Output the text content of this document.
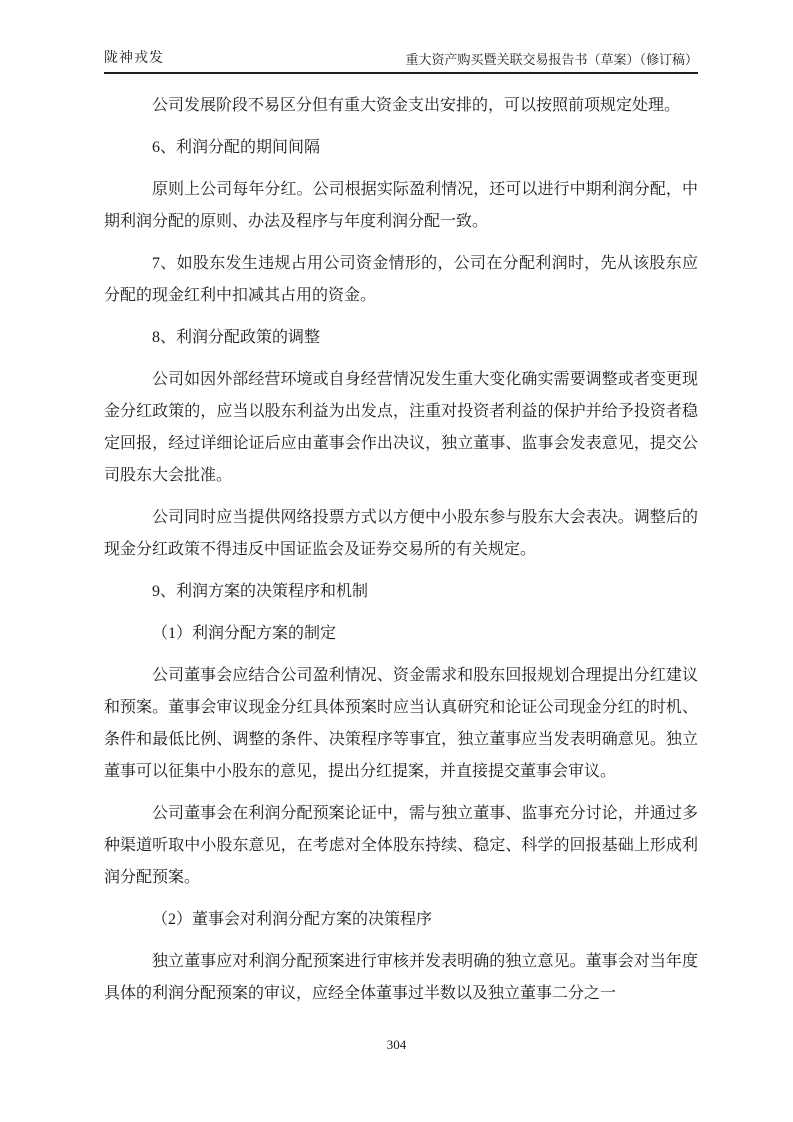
陇神戎发	重大资产购买暨关联交易报告书（草案）（修订稿）

公司发展阶段不易区分但有重大资金支出安排的，可以按照前项规定处理。

6、利润分配的期间间隔

原则上公司每年分红。公司根据实际盈利情况，还可以进行中期利润分配，中期利润分配的原则、办法及程序与年度利润分配一致。

7、如股东发生违规占用公司资金情形的，公司在分配利润时，先从该股东应分配的现金红利中扣减其占用的资金。

8、利润分配政策的调整

公司如因外部经营环境或自身经营情况发生重大变化确实需要调整或者变更现金分红政策的，应当以股东利益为出发点，注重对投资者利益的保护并给予投资者稳定回报，经过详细论证后应由董事会作出决议，独立董事、监事会发表意见，提交公司股东大会批准。

公司同时应当提供网络投票方式以方便中小股东参与股东大会表决。调整后的现金分红政策不得违反中国证监会及证券交易所的有关规定。

9、利润方案的决策程序和机制

（1）利润分配方案的制定

公司董事会应结合公司盈利情况、资金需求和股东回报规划合理提出分红建议和预案。董事会审议现金分红具体预案时应当认真研究和论证公司现金分红的时机、条件和最低比例、调整的条件、决策程序等事宜，独立董事应当发表明确意见。独立董事可以征集中小股东的意见，提出分红提案，并直接提交董事会审议。

公司董事会在利润分配预案论证中，需与独立董事、监事充分讨论，并通过多种渠道听取中小股东意见，在考虑对全体股东持续、稳定、科学的回报基础上形成利润分配预案。

（2）董事会对利润分配方案的决策程序

独立董事应对利润分配预案进行审核并发表明确的独立意见。董事会对当年度具体的利润分配预案的审议，应经全体董事过半数以及独立董事二分之一

304
